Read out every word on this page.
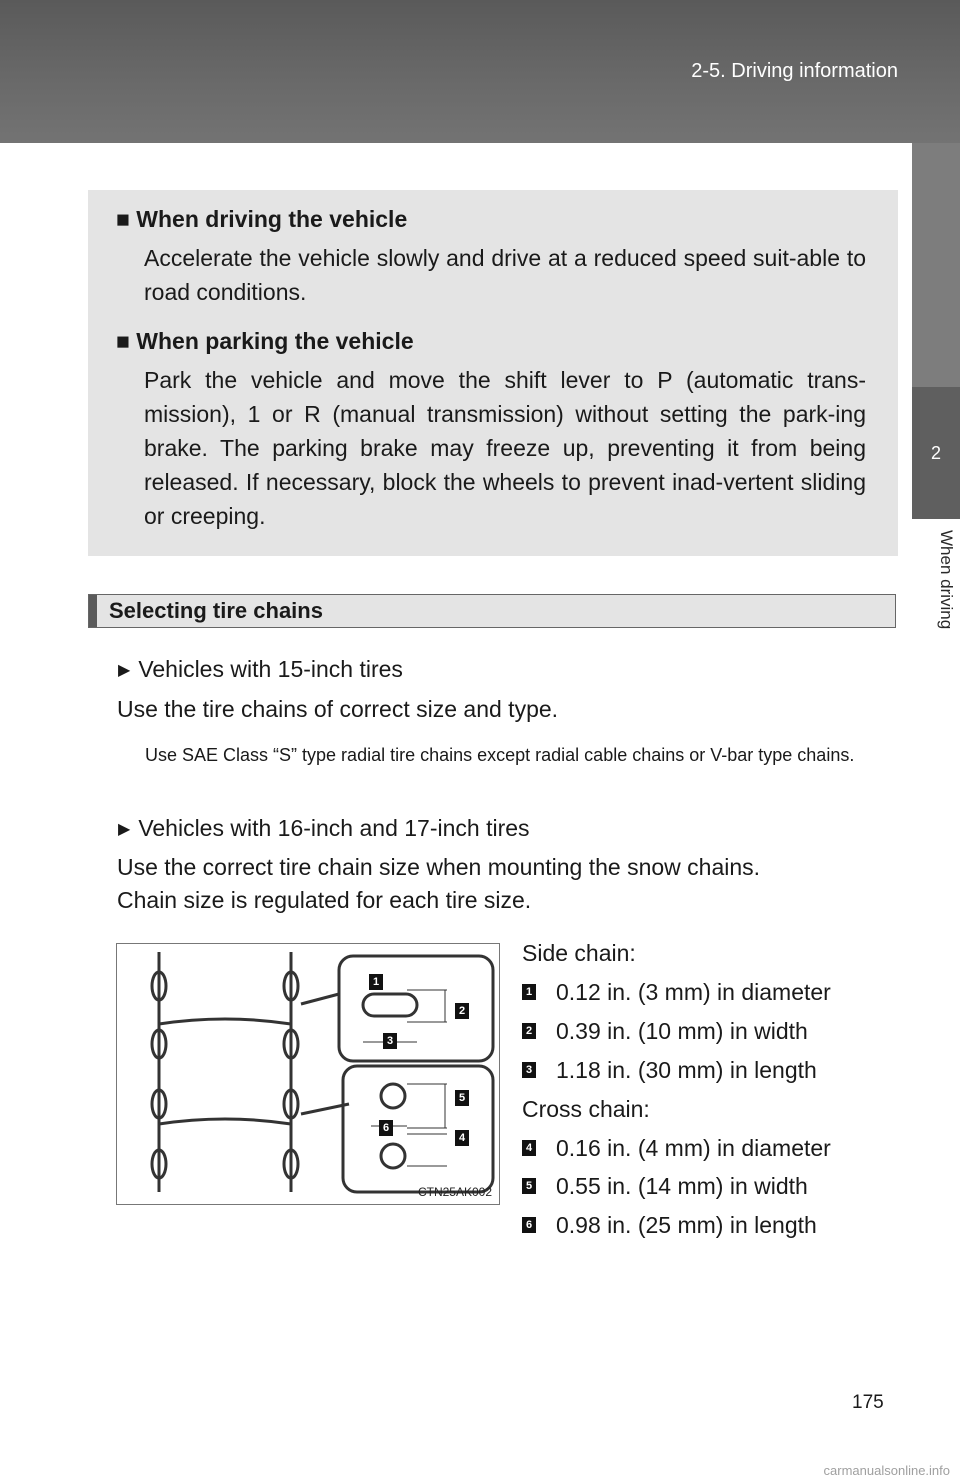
2-5. Driving information
2
When driving
■ When driving the vehicle
Accelerate the vehicle slowly and drive at a reduced speed suit-able to road conditions.
■ When parking the vehicle
Park the vehicle and move the shift lever to P (automatic trans-mission), 1 or R (manual transmission) without setting the park-ing brake. The parking brake may freeze up, preventing it from being released. If necessary, block the wheels to prevent inad-vertent sliding or creeping.
Selecting tire chains
▶ Vehicles with 15-inch tires
Use the tire chains of correct size and type.
Use SAE Class “S” type radial tire chains except radial cable chains or V-bar type chains.
▶ Vehicles with 16-inch and 17-inch tires
Use the correct tire chain size when mounting the snow chains.
Chain size is regulated for each tire size.
1
2
3
4
5
6
CTN25AK002
Side chain:
1 0.12 in. (3 mm) in diameter
2 0.39 in. (10 mm) in width
3 1.18 in. (30 mm) in length
Cross chain:
4 0.16 in. (4 mm) in diameter
5 0.55 in. (14 mm) in width
6 0.98 in. (25 mm) in length
175
carmanualsonline.info
